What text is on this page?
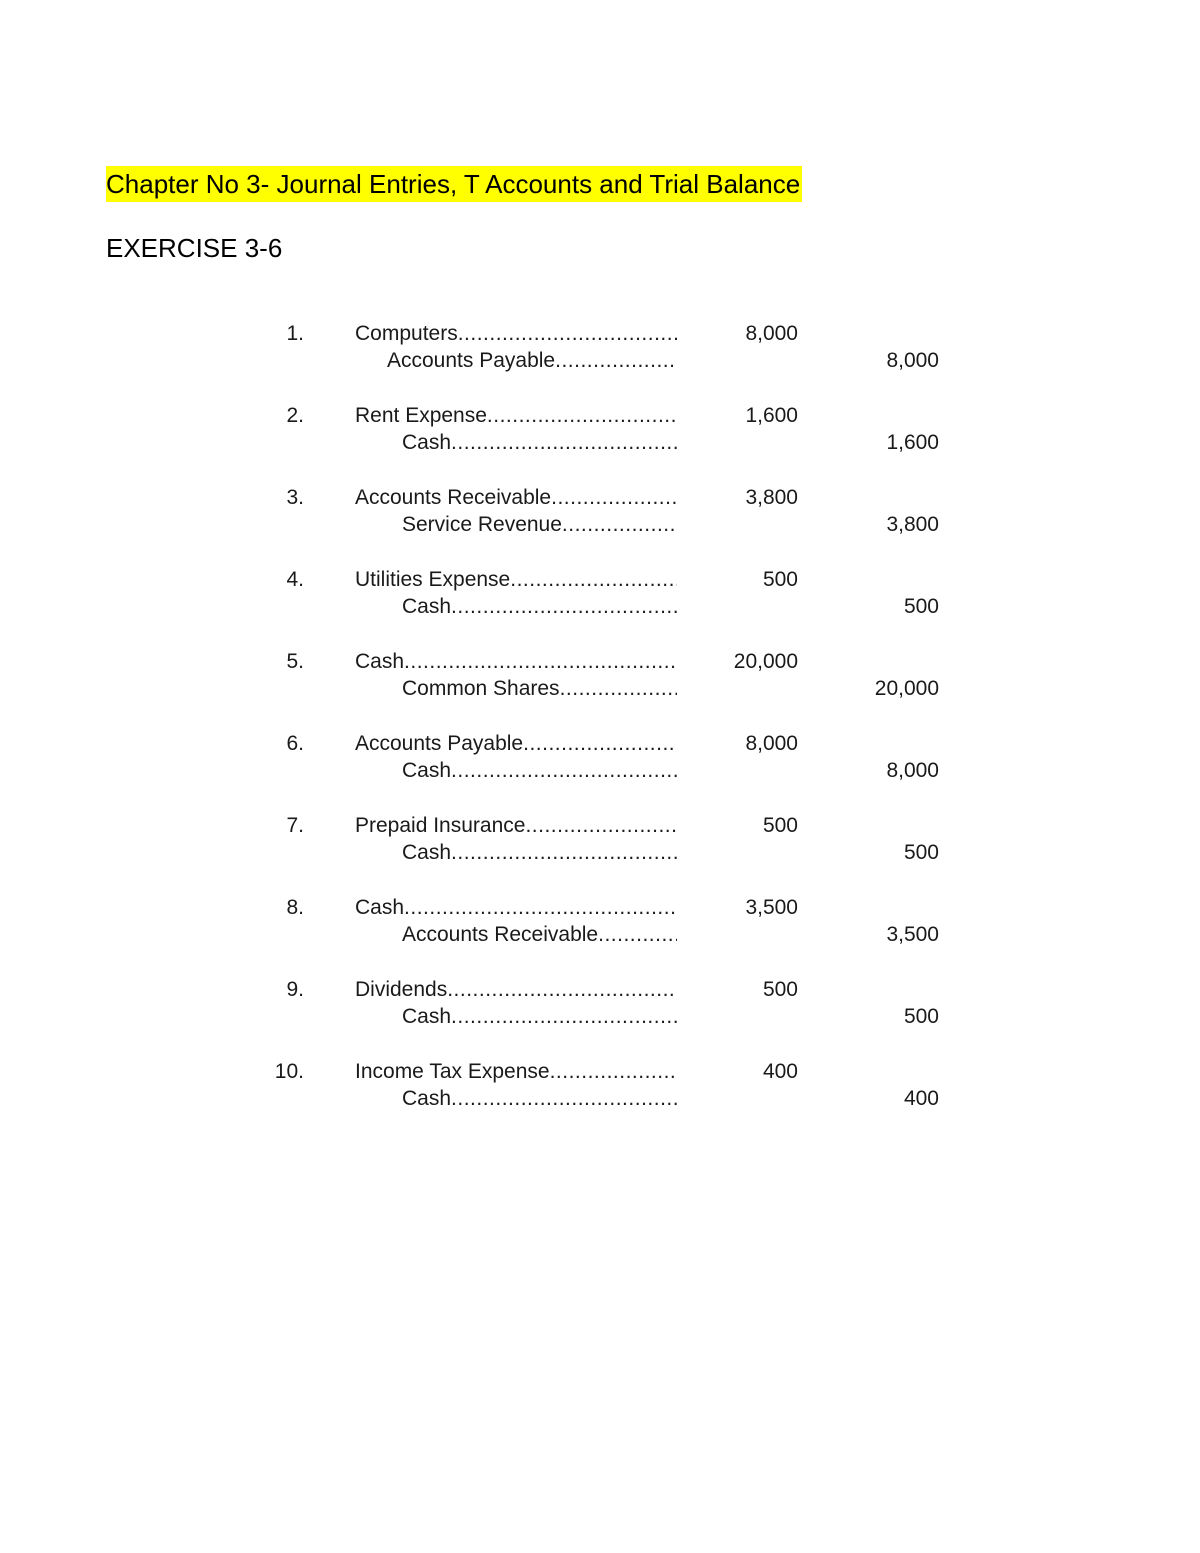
Chapter No 3- Journal Entries, T Accounts and Trial Balance
EXERCISE 3-6
1. Computers .....	8,000
Accounts Payable .....	8,000
2. Rent Expense .....	1,600
Cash .....	1,600
3. Accounts Receivable .....	3,800
Service Revenue .....	3,800
4. Utilities Expense .....	500
Cash .....	500
5. Cash .....	20,000
Common Shares .....	20,000
6. Accounts Payable .....	8,000
Cash .....	8,000
7. Prepaid Insurance .....	500
Cash .....	500
8. Cash .....	3,500
Accounts Receivable .....	3,500
9. Dividends .....	500
Cash .....	500
10. Income Tax Expense .....	400
Cash .....	400
